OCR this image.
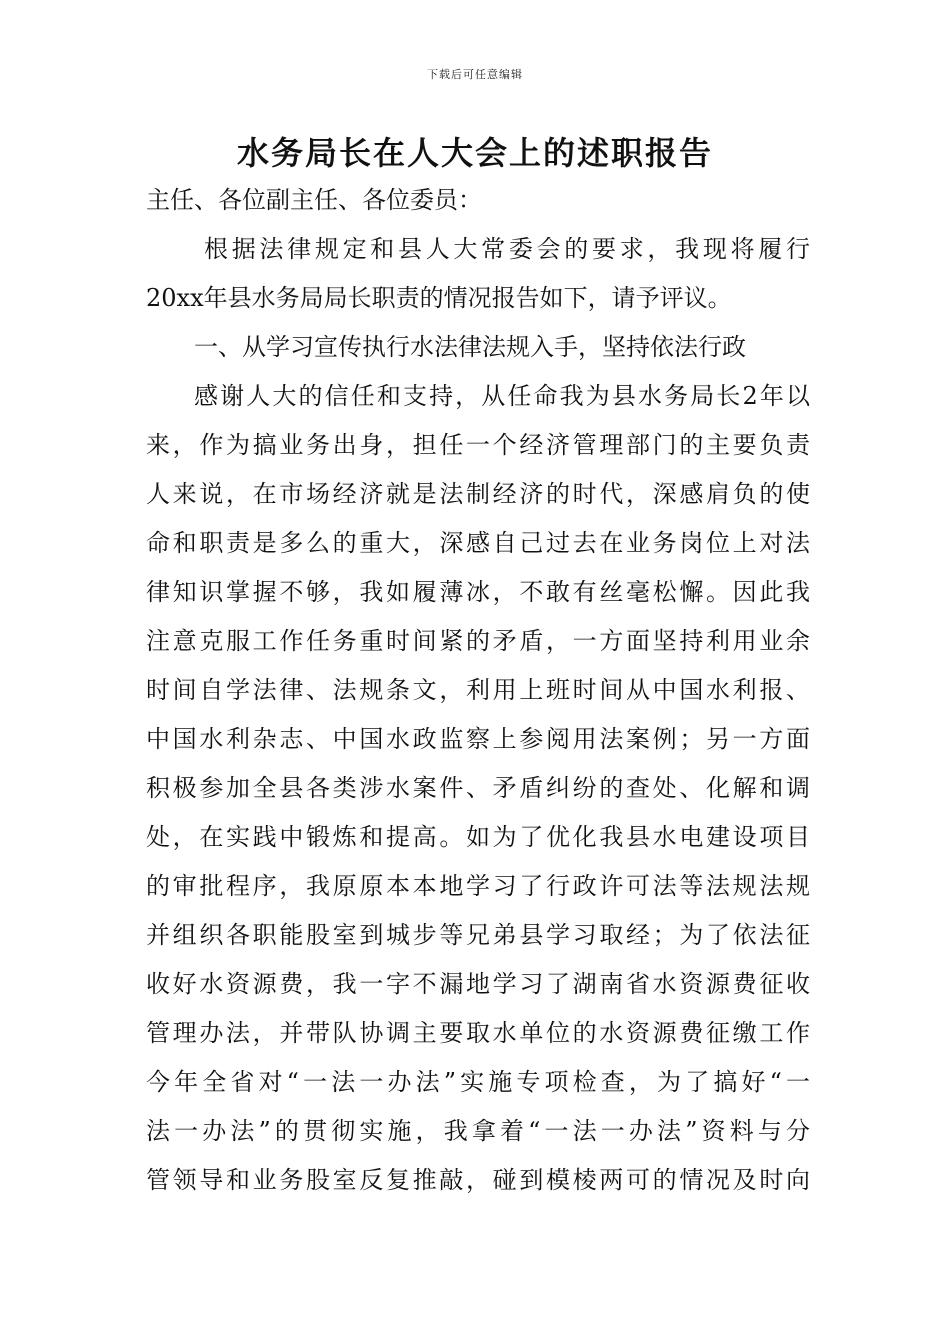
下载后可任意编辑
水务局长在人大会上的述职报告
主任、各位副主任、各位委员：
根据法律规定和县人大常委会的要求，我现将履行
20xx年县水务局局长职责的情况报告如下，请予评议。
一、从学习宣传执行水法律法规入手，坚持依法行政
感谢人大的信任和支持，从任命我为县水务局长2年以
来，作为搞业务出身，担任一个经济管理部门的主要负责
人来说，在市场经济就是法制经济的时代，深感肩负的使
命和职责是多么的重大，深感自己过去在业务岗位上对法
律知识掌握不够，我如履薄冰，不敢有丝毫松懈。因此我
注意克服工作任务重时间紧的矛盾，一方面坚持利用业余
时间自学法律、法规条文，利用上班时间从中国水利报、
中国水利杂志、中国水政监察上参阅用法案例；另一方面
积极参加全县各类涉水案件、矛盾纠纷的查处、化解和调
处，在实践中锻炼和提高。如为了优化我县水电建设项目
的审批程序，我原原本本地学习了行政许可法等法规法规
并组织各职能股室到城步等兄弟县学习取经；为了依法征
收好水资源费，我一字不漏地学习了湖南省水资源费征收
管理办法，并带队协调主要取水单位的水资源费征缴工作
今年全省对“一法一办法”实施专项检查，为了搞好“一
法一办法”的贯彻实施，我拿着“一法一办法”资料与分
管领导和业务股室反复推敲，碰到模棱两可的情况及时向
